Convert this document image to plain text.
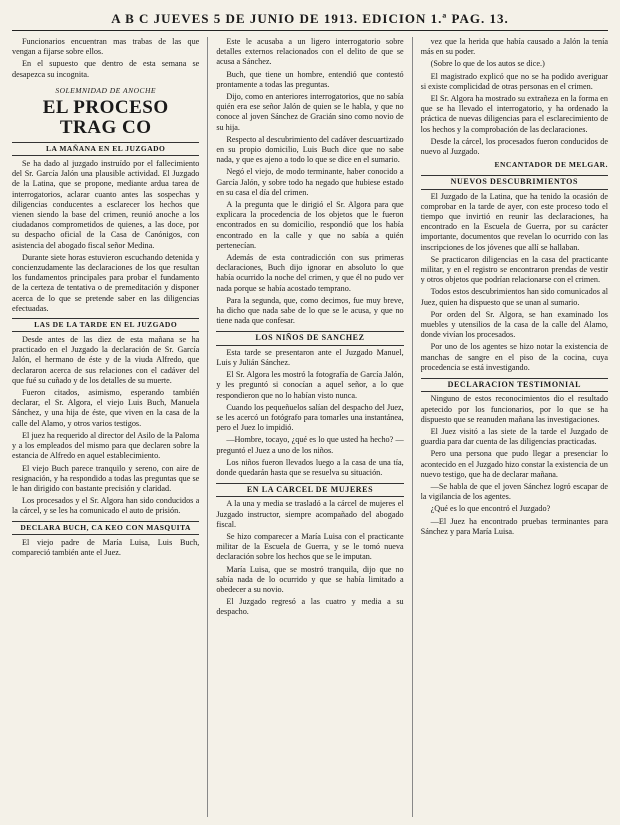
A B C JUEVES 5 DE JUNIO DE 1913. EDICION 1.ª PAG. 13.

Funcionarios encuentran mas trabas de las que vengan a fijarse sobre ellos.

En el supuesto que dentro de esta semana se desapezca su incognita.

SOLEMNIDAD DE ANOCHE
EL PROCESO TRAG CO
LA MAÑANA EN EL JUZGADO

Se ha dado al juzgado instruído por el fallecimiento del Sr. García Jalón una plausible actividad. El Juzgado de la Latina, que se propone, mediante ardua tarea de interrogatorios, aclarar cuanto antes las sospechas y diligencias conducentes a esclarecer los hechos que vienen siendo la base del crimen, reunió anoche a los ciudadanos comprometidos de quienes, a las doce, por su despacho oficial de la Casa de Canónigos, con asistencia del abogado fiscal señor Medina.

Durante siete horas estuvieron escuchando detenida y concienzudamente las declaraciones de los que resultan los fundamentos principales para probar el fundamento de la certeza de tentativa o de premeditación y disponer acerca de lo que se pretende saber en las diligencias efectuadas.

LAS DE LA TARDE EN EL JUZGADO

Desde antes de las diez de esta mañana se ha practicado en el Juzgado la declaración de Sr. García Jalón, el hermano de éste y de la viuda Alfredo, que declararon acerca de sus relaciones con el cadáver del que fué su cuñado y de los detalles de su muerte.

Fueron citados, asimismo, esperando también declarar, el Sr. Algora, el viejo Luis Buch, Manuela Sánchez, y una hija de éste, que viven en la casa de la calle del Alamo, y otros varios testigos.

El juez ha requerido al director del Asilo de la Paloma y a los empleados del mismo para que declaren sobre la estancia de Alfredo en aquel establecimiento.

El viejo Buch parece tranquilo y sereno, con aire de resignación, y ha respondido a todas las preguntas que se le han dirigido con bastante precisión y claridad.

Los procesados y el Sr. Algora han sido conducidos a la cárcel, y se les ha comunicado el auto de prisión.

DECLARA BUCH, CA KEO CON MASQUITA

El viejo padre de María Luisa, Luis Buch, compareció también ante el Juez.

Este le acusaba a un ligero interrogatorio sobre detalles externos relacionados con el delito de que se acusa a Sánchez.

Buch, que tiene un hombre, entendió que contestó prontamente a todas las preguntas.

Dijo, como en anteriores interrogatorios, que no sabía quién era ese señor Jalón de quien se le habla, y que no conoce al joven Sánchez de Gracián sino como novio de su hija.

Respecto al descubrimiento del cadáver descuartizado en su propio domicilio, Luis Buch dice que no sabe nada, y que es ajeno a todo lo que se dice en el sumario.

Negó el viejo, de modo terminante, haber conocido a García Jalón, y sobre todo ha negado que hubiese estado en su casa el día del crimen.

A la pregunta que le dirigió el Sr. Algora para que explicara la procedencia de los objetos que le fueron encontrados en su domicilio, respondió que los había encontrado en la calle y que no sabía a quién pertenecían.

Además de esta contradicción con sus primeras declaraciones, Buch dijo ignorar en absoluto lo que había ocurrido la noche del crimen, y que él no pudo ver nada porque se había acostado temprano.

Para la segunda, que, como decimos, fue muy breve, ha dicho que nada sabe de lo que se le acusa, y que no tiene nada que confesar.

LOS NIÑOS DE SANCHEZ

Esta tarde se presentaron ante el Juzgado Manuel, Luis y Julián Sánchez.

El Sr. Algora les mostró la fotografía de García Jalón, y les preguntó si conocían a aquel señor, a lo que respondieron que no lo habían visto nunca.

Cuando los pequeñuelos salían del despacho del Juez, se les acercó un fotógrafo para tomarles una instantánea, pero el Juez lo impidió.

—Hombre, tocayo, ¿qué es lo que usted ha hecho? —preguntó el Juez a uno de los niños.

Los niños fueron llevados luego a la casa de una tía, donde quedarán hasta que se resuelva su situación.

EN LA CARCEL DE MUJERES

A la una y media se trasladó a la cárcel de mujeres el Juzgado instructor, siempre acompañado del abogado fiscal.

Se hizo comparecer a María Luisa con el practicante militar de la Escuela de Guerra, y se le tomó nueva declaración sobre los hechos que se le imputan.

María Luisa, que se mostró tranquila, dijo que no sabía nada de lo ocurrido y que se había limitado a obedecer a su novio.

El Juzgado regresó a las cuatro y media a su despacho.

vez que la herida que había causado a Jalón la tenía más en su poder.

(Sobre lo que de los autos se dice.)

El magistrado explicó que no se ha podido averiguar si existe complicidad de otras personas en el crimen.

El Sr. Algora ha mostrado su extrañeza en la forma en que se ha llevado el interrogatorio, y ha ordenado la práctica de nuevas diligencias para el esclarecimiento de los hechos y la comprobación de las declaraciones.

Desde la cárcel, los procesados fueron conducidos de nuevo al Juzgado.

ENCANTADOR DE MELGAR.
NUEVOS DESCUBRIMIENTOS

El Juzgado de la Latina, que ha tenido la ocasión de comprobar en la tarde de ayer, con este proceso todo el tiempo que invirtió en reunir las declaraciones, ha encontrado en la Escuela de Guerra, por su carácter importante, documentos que revelan lo ocurrido con las inscripciones de los jóvenes que allí se hallaban.

Se practicaron diligencias en la casa del practicante militar, y en el registro se encontraron prendas de vestir y otros objetos que podrían relacionarse con el crimen.

Todos estos descubrimientos han sido comunicados al Juez, quien ha dispuesto que se unan al sumario.

Por orden del Sr. Algora, se han examinado los muebles y utensilios de la casa de la calle del Alamo, donde vivían los procesados.

Por uno de los agentes se hizo notar la existencia de manchas de sangre en el piso de la cocina, cuya procedencia se está investigando.

DECLARACION TESTIMONIAL

Ninguno de estos reconocimientos dio el resultado apetecido por los funcionarios, por lo que se ha dispuesto que se reanuden mañana las investigaciones.

El Juez visitó a las siete de la tarde el Juzgado de guardia para dar cuenta de las diligencias practicadas.

Pero una persona que pudo llegar a presenciar lo acontecido en el Juzgado hizo constar la existencia de un nuevo testigo, que ha de declarar mañana.

—Se habla de que el joven Sánchez logró escapar de la vigilancia de los agentes.

¿Qué es lo que encontró el Juzgado?

—El Juez ha encontrado pruebas terminantes para Sánchez y para María Luisa.
